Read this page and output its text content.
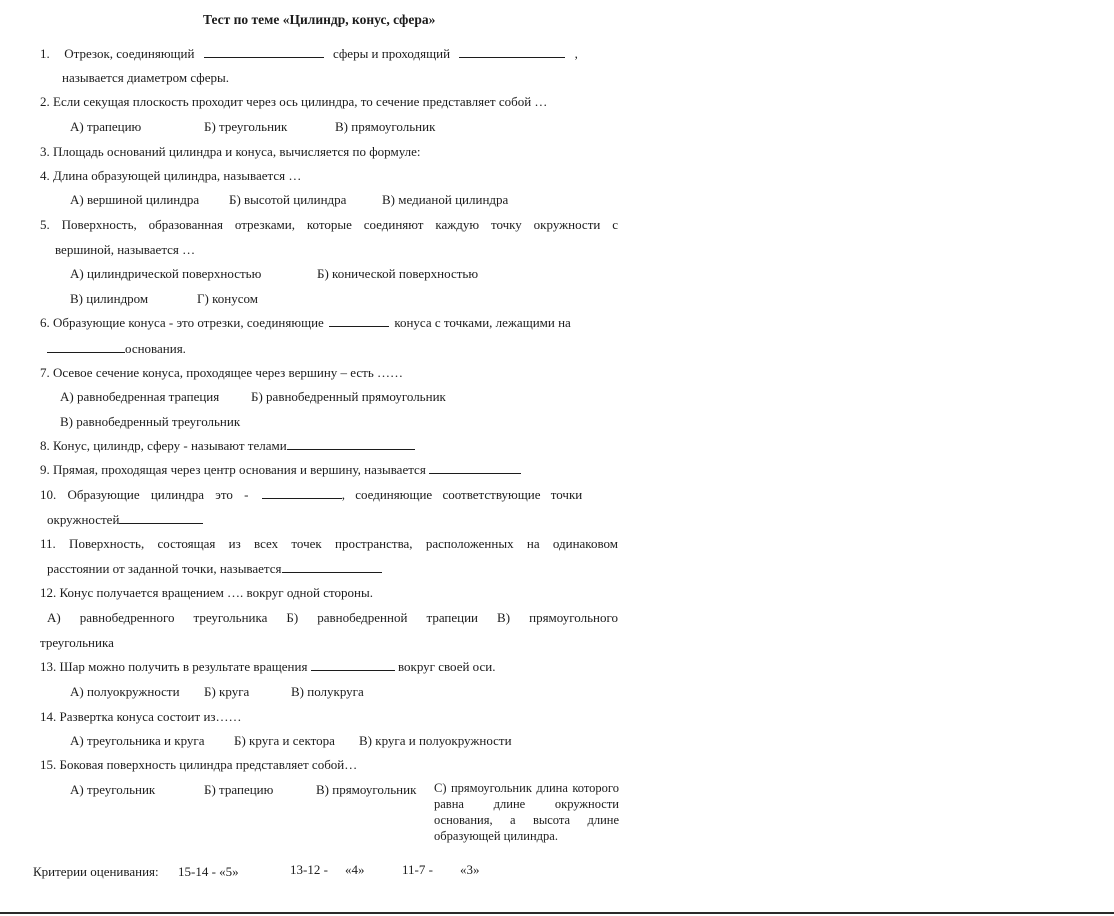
Тест по теме «Цилиндр, конус, сфера»
1. Отрезок, соединяющий	сферы и проходящий	,
называется диаметром сферы.
2. Если секущая плоскость проходит через ось цилиндра, то сечение представляет собой …
А) трапецию	Б) треугольник	В) прямоугольник
3. Площадь оснований цилиндра и конуса, вычисляется по формуле:
4. Длина образующей цилиндра, называется …
А) вершиной цилиндра Б) высотой цилиндра	В) медианой цилиндра
5. Поверхность, образованная отрезками, которые соединяют каждую точку окружности с
вершиной, называется …
А) цилиндрической поверхностью	Б) конической поверхностью
В) цилиндром	Г) конусом
6. Образующие конуса - это отрезки, соединяющие	конуса с точками, лежащими на
основания.
7. Осевое сечение конуса, проходящее через вершину – есть ……
А) равнобедренная трапеция Б) равнобедренный прямоугольник
В) равнобедренный треугольник
8. Конус, цилиндр, сферу - называют телами
9. Прямая, проходящая через центр основания и вершину, называется
10. Образующие цилиндра это -	, соединяющие соответствующие точки
окружностей
11. Поверхность, состоящая из всех точек пространства, расположенных на одинаковом
расстоянии от заданной точки, называется
12. Конус получается вращением …. вокруг одной стороны.
А) равнобедренного треугольника Б) равнобедренной трапеции В) прямоугольного
треугольника
13. Шар можно получить в результате вращения	вокруг своей оси.
А) полуокружности Б) круга	В) полукруга
14. Развертка конуса состоит из……
А) треугольника и круга Б) круга и сектора В) круга и полуокружности
15. Боковая поверхность цилиндра представляет собой…
А) треугольник	Б) трапецию	В) прямоугольник С) прямоугольник длина которого равна длине окружности основания, а высота длине образующей цилиндра.
Критерии оценивания: 15-14 - «5»	13-12 - «4»	11-7 - «3»
